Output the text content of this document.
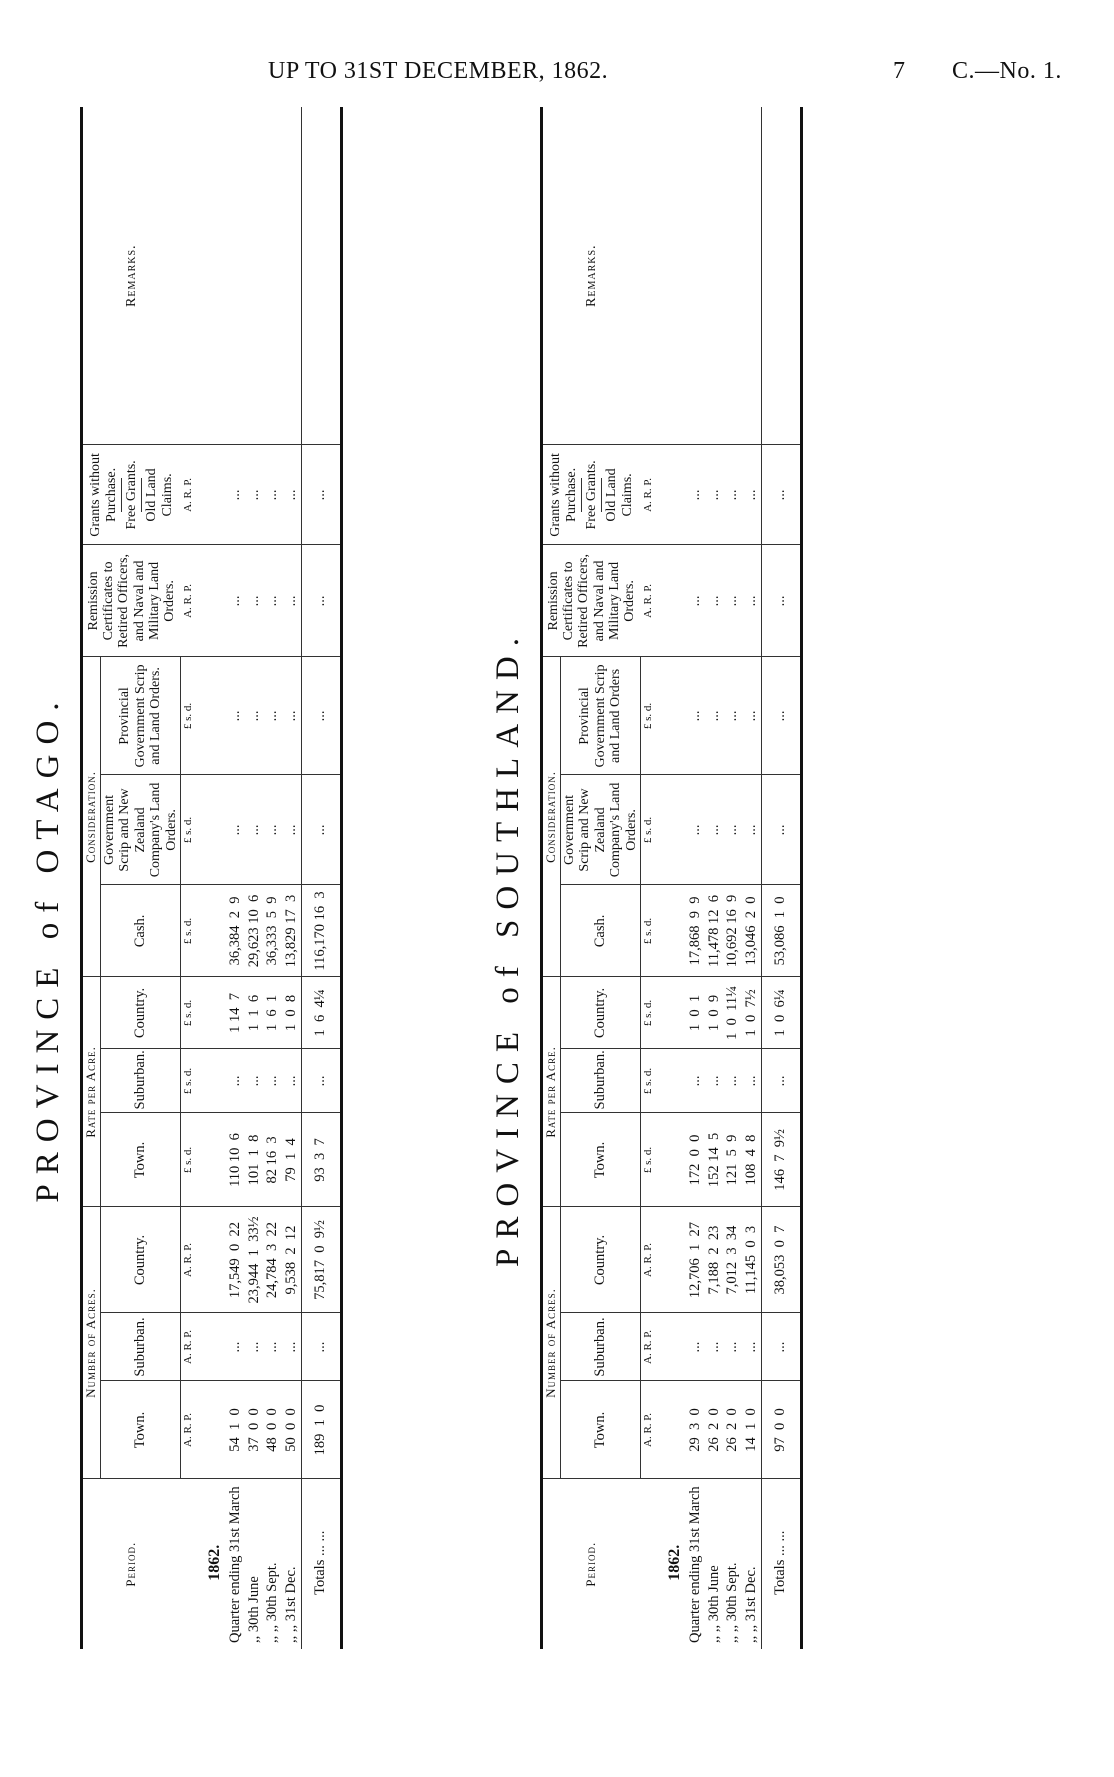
UP TO 31ST DECEMBER, 1862.	7 C.—No. 1.
PROVINCE of OTAGO.
Period.	Number of Acres.			Rate per Acre.			Consideration.			Remission Certificates to Retired Officers, and Naval and Military Land Orders.	Grants without Purchase. Free Grants. Old Land Claims.	Remarks.
	Town.	Suburban.	Country.	Town.	Suburban.	Country.	Cash.	Government Scrip and New Zealand Company's Land Orders.	Provincial Government Scrip and Land Orders.			
	A. R. P.	A. R. P.	A. R. P.	£ s. d.	£ s. d.	£ s. d.	£ s. d.	£ s. d.	£ s. d.	A. R. P.	A. R. P.	
1862.												
Quarter ending 31st March	54  1  0	...	17,549  0  22	110 10  6	...	1 14  7	36,384  2  9	...	...	...	...	
,, 30th June	37  0  0	...	23,944  1  33½	101  1  8	...	1  1  6	29,623 10  6	...	...	...	...	
,, ,, 30th Sept.	48  0  0	...	24,784  3  22	82 16  3	...	1  6  1	36,333  5  9	...	...	...	...	
,, ,, 31st Dec.	50  0  0	...	9,538  2  12	79  1  4	...	1  0  8	13,829 17  3	...	...	...	...	
Totals ... ...	189  1  0	...	75,817  0  9½	93  3  7	...	1  6  4¼	116,170 16  3	...	...	...	...	
PROVINCE of SOUTHLAND.
Period.	Number of Acres.			Rate per Acre.			Consideration.			Remission Certificates to Retired Officers, and Naval and Military Land Orders.	Grants without Purchase. Free Grants. Old Land Claims.	Remarks.
	Town.	Suburban.	Country.	Town.	Suburban.	Country.	Cash.	Government Scrip and New Zealand Company's Land Orders.	Provincial Government Scrip and Land Orders			
	A. R. P.	A. R. P.	A. R. P.	£ s. d.	£ s. d.	£ s. d.	£ s. d.	£ s. d.	£ s. d.	A. R. P.	A. R. P.	
1862.												
Quarter ending 31st March	29  3  0	...	12,706  1  27	172  0  0	...	1  0  1	17,868  9  9	...	...	...	...	
,, ,, 30th June	26  2  0	...	7,188  2  23	152 14  5	...	1  0  9	11,478 12  6	...	...	...	...	
,, ,, 30th Sept.	26  2  0	...	7,012  3  34	121  5  9	...	1  0  11¼	10,692 16  9	...	...	...	...	
,, ,, 31st Dec.	14  1  0	...	11,145  0  3	108  4  8	...	1  0  7½	13,046  2  0	...	...	...	...	
Totals ... ...	97  0  0	...	38,053  0  7	146  7  9½	...	1  0  6¼	53,086  1  0	...	...	...	...	
